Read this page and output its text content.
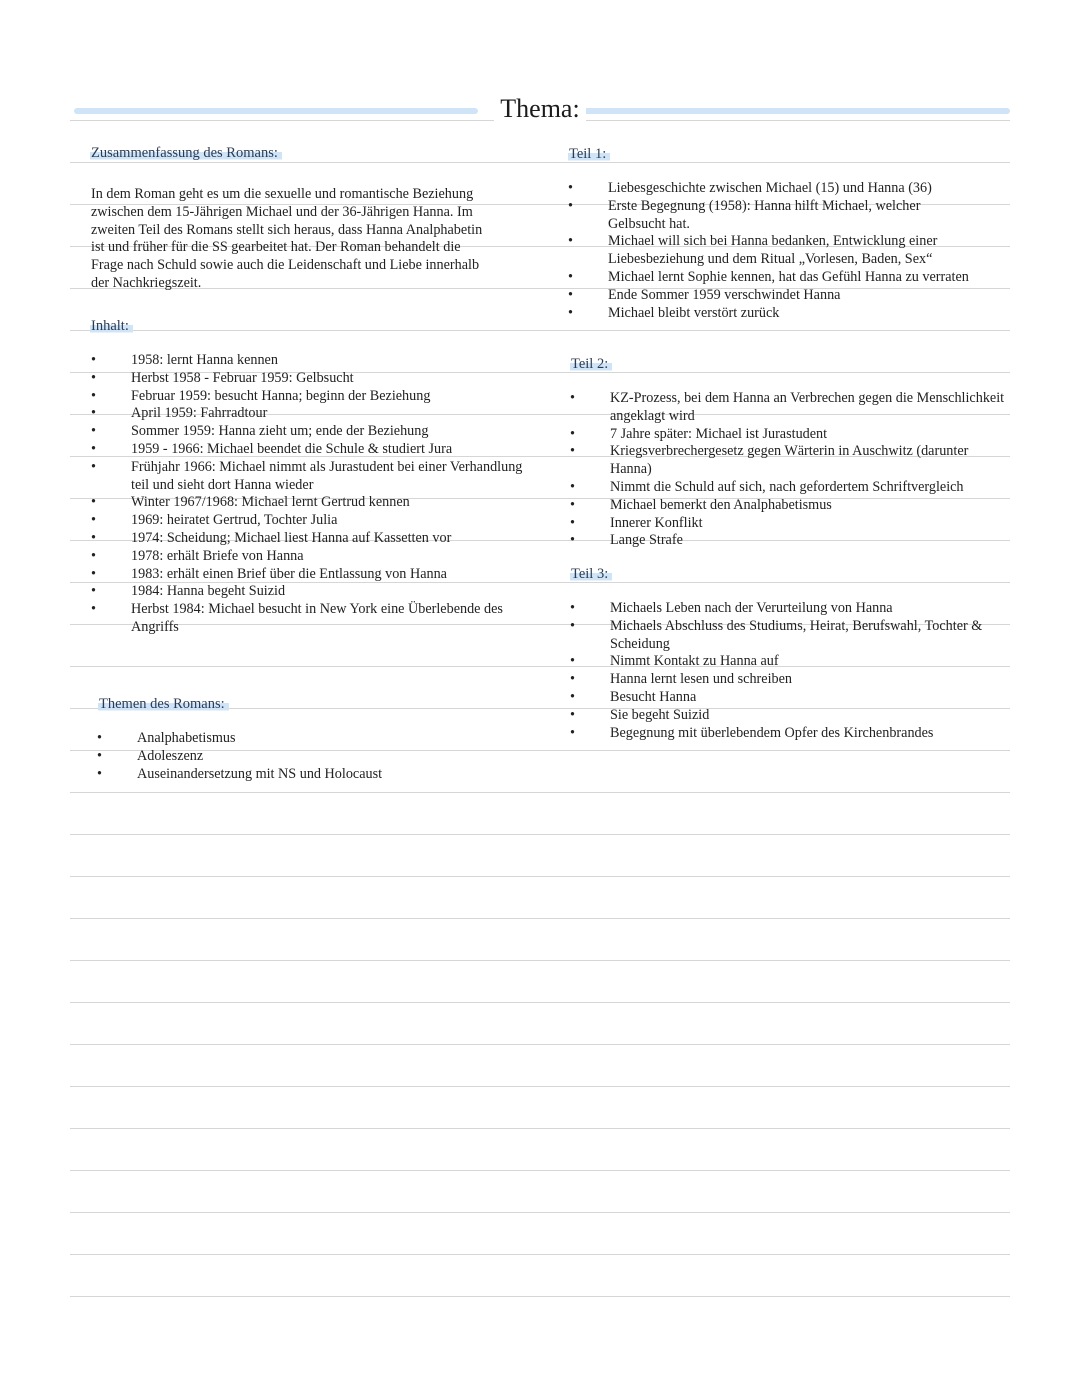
Thema:
Zusammenfassung des Romans:

In dem Roman geht es um die sexuelle und romantische Beziehung zwischen dem 15-Jährigen Michael und der 36-Jährigen Hanna. Im zweiten Teil des Romans stellt sich heraus, dass Hanna Analphabetin ist und früher für die SS gearbeitet hat. Der Roman behandelt die Frage nach Schuld sowie auch die Leidenschaft und Liebe innerhalb der Nachkriegszeit.

Inhalt:
•	1958: lernt Hanna kennen
•	Herbst 1958 - Februar 1959: Gelbsucht
•	Februar 1959: besucht Hanna; beginn der Beziehung
•	April 1959: Fahrradtour
•	Sommer 1959: Hanna zieht um; ende der Beziehung
•	1959 - 1966: Michael beendet die Schule & studiert Jura
•	Frühjahr 1966: Michael nimmt als Jurastudent bei einer Verhandlung teil und sieht dort Hanna wieder
•	Winter 1967/1968: Michael lernt Gertrud kennen
•	1969: heiratet Gertrud, Tochter Julia
•	1974: Scheidung; Michael liest Hanna auf Kassetten vor
•	1978: erhält Briefe von Hanna
•	1983: erhält einen Brief über die Entlassung von Hanna
•	1984: Hanna begeht Suizid
•	Herbst 1984: Michael besucht in New York eine Überlebende des Angriffs
Themen des Romans:
•	Analphabetismus
•	Adoleszenz
•	Auseinandersetzung mit NS und Holocaust
Teil 1:
•	Liebesgeschichte zwischen Michael (15) und Hanna (36)
•	Erste Begegnung (1958): Hanna hilft Michael, welcher Gelbsucht hat.
•	Michael will sich bei Hanna bedanken, Entwicklung einer Liebesbeziehung und dem Ritual „Vorlesen, Baden, Sex“
•	Michael lernt Sophie kennen, hat das Gefühl Hanna zu verraten
•	Ende Sommer 1959 verschwindet Hanna
•	Michael bleibt verstört zurück
Teil 2:
•	KZ-Prozess, bei dem Hanna an Verbrechen gegen die Menschlichkeit angeklagt wird
•	7 Jahre später: Michael ist Jurastudent
•	Kriegsverbrechergesetz gegen Wärterin in Auschwitz (darunter Hanna)
•	Nimmt die Schuld auf sich, nach gefordertem Schriftvergleich
•	Michael bemerkt den Analphabetismus
•	Innerer Konflikt
•	Lange Strafe
Teil 3:
•	Michaels Leben nach der Verurteilung von Hanna
•	Michaels Abschluss des Studiums, Heirat, Berufswahl, Tochter & Scheidung
•	Nimmt Kontakt zu Hanna auf
•	Hanna lernt lesen und schreiben
•	Besucht Hanna
•	Sie begeht Suizid
•	Begegnung mit überlebendem Opfer des Kirchenbrandes
